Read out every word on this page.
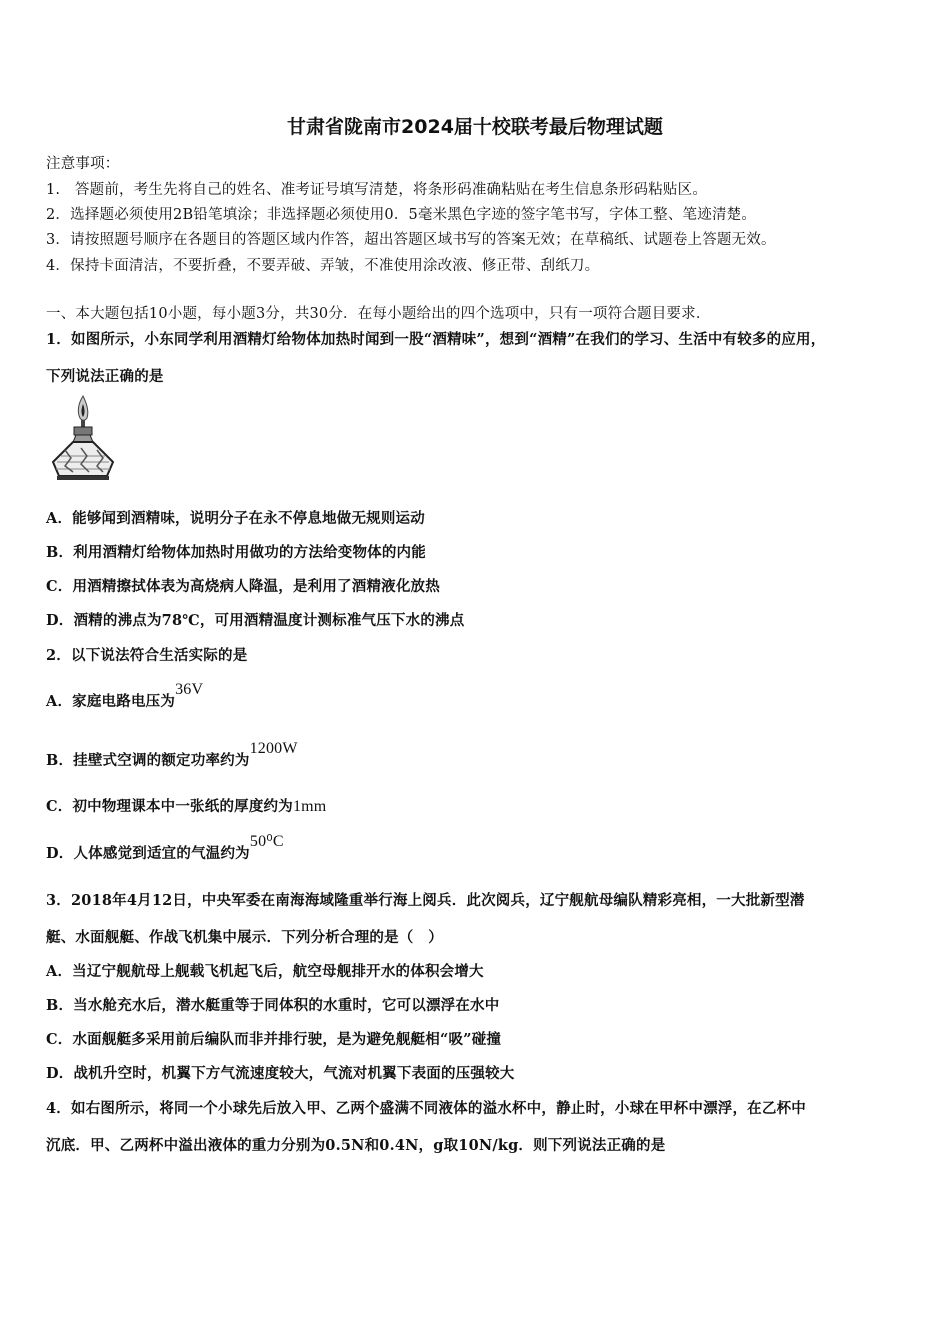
甘肃省陇南市2024届十校联考最后物理试题
注意事项：
1.　答题前，考生先将自己的姓名、准考证号填写清楚，将条形码准确粘贴在考生信息条形码粘贴区。
2．选择题必须使用2B铅笔填涂；非选择题必须使用0．5毫米黑色字迹的签字笔书写，字体工整、笔迹清楚。
3．请按照题号顺序在各题目的答题区域内作答，超出答题区域书写的答案无效；在草稿纸、试题卷上答题无效。
4．保持卡面清洁，不要折叠，不要弄破、弄皱，不准使用涂改液、修正带、刮纸刀。
一、本大题包括10小题，每小题3分，共30分．在每小题给出的四个选项中，只有一项符合题目要求．
1．如图所示，小东同学利用酒精灯给物体加热时闻到一股“酒精味”，想到“酒精”在我们的学习、生活中有较多的应用，
下列说法正确的是
A．能够闻到酒精味，说明分子在永不停息地做无规则运动
B．利用酒精灯给物体加热时用做功的方法给变物体的内能
C．用酒精擦拭体表为高烧病人降温，是利用了酒精液化放热
D．酒精的沸点为78℃，可用酒精温度计测标准气压下水的沸点
2．以下说法符合生活实际的是
A．家庭电路电压为36V
B．挂壁式空调的额定功率约为1200W
C．初中物理课本中一张纸的厚度约为1mm
D．人体感觉到适宜的气温约为50⁰C
3．2018年4月12日，中央军委在南海海域隆重举行海上阅兵．此次阅兵，辽宁舰航母编队精彩亮相，一大批新型潜
艇、水面舰艇、作战飞机集中展示．下列分析合理的是（　）
A．当辽宁舰航母上舰载飞机起飞后，航空母舰排开水的体积会增大
B．当水舱充水后，潜水艇重等于同体积的水重时，它可以漂浮在水中
C．水面舰艇多采用前后编队而非并排行驶，是为避免舰艇相“吸”碰撞
D．战机升空时，机翼下方气流速度较大，气流对机翼下表面的压强较大
4．如右图所示，将同一个小球先后放入甲、乙两个盛满不同液体的溢水杯中，静止时，小球在甲杯中漂浮，在乙杯中
沉底．甲、乙两杯中溢出液体的重力分别为0.5N和0.4N，g取10N/kg．则下列说法正确的是
